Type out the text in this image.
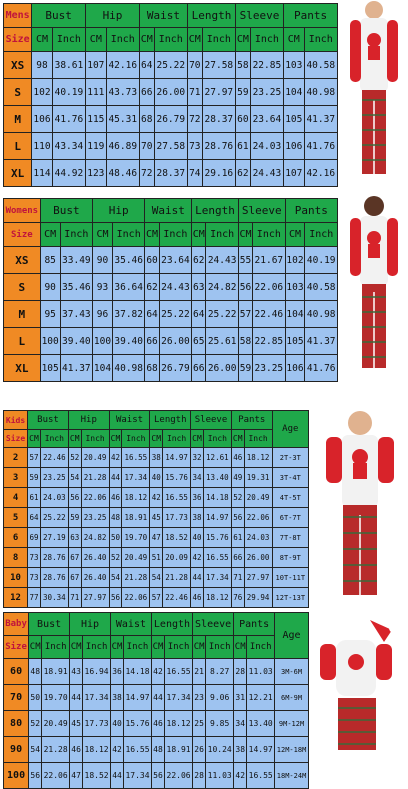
Mens	Bust		Hip		Waist		Length		Sleeve		Pants	
Size	CM	Inch	CM	Inch	CM	Inch	CM	Inch	CM	Inch	CM	Inch
XS	98	38.61	107	42.16	64	25.22	70	27.58	58	22.85	103	40.58
S	102	40.19	111	43.73	66	26.00	71	27.97	59	23.25	104	40.98
M	106	41.76	115	45.31	68	26.79	72	28.37	60	23.64	105	41.37
L	110	43.34	119	46.89	70	27.58	73	28.76	61	24.03	106	41.76
XL	114	44.92	123	48.46	72	28.37	74	29.16	62	24.43	107	42.16
Womens	Bust		Hip		Waist		Length		Sleeve		Pants	
Size	CM	Inch	CM	Inch	CM	Inch	CM	Inch	CM	Inch	CM	Inch
XS	85	33.49	90	35.46	60	23.64	62	24.43	55	21.67	102	40.19
S	90	35.46	93	36.64	62	24.43	63	24.82	56	22.06	103	40.58
M	95	37.43	96	37.82	64	25.22	64	25.22	57	22.46	104	40.98
L	100	39.40	100	39.40	66	26.00	65	25.61	58	22.85	105	41.37
XL	105	41.37	104	40.98	68	26.79	66	26.00	59	23.25	106	41.76
Kids	Bust		Hip		Waist		Length		Sleeve		Pants		Age
Size	CM	Inch	CM	Inch	CM	Inch	CM	Inch	CM	Inch	CM	Inch	
2	57	22.46	52	20.49	42	16.55	38	14.97	32	12.61	46	18.12	2T-3T
3	59	23.25	54	21.28	44	17.34	40	15.76	34	13.40	49	19.31	3T-4T
4	61	24.03	56	22.06	46	18.12	42	16.55	36	14.18	52	20.49	4T-5T
5	64	25.22	59	23.25	48	18.91	45	17.73	38	14.97	56	22.06	6T-7T
6	69	27.19	63	24.82	50	19.70	47	18.52	40	15.76	61	24.03	7T-8T
8	73	28.76	67	26.40	52	20.49	51	20.09	42	16.55	66	26.00	8T-9T
10	73	28.76	67	26.40	54	21.28	54	21.28	44	17.34	71	27.97	10T-11T
12	77	30.34	71	27.97	56	22.06	57	22.46	46	18.12	76	29.94	12T-13T
Baby	Bust		Hip		Waist		Length		Sleeve		Pants		Age
Size	CM	Inch	CM	Inch	CM	Inch	CM	Inch	CM	Inch	CM	Inch	
60	48	18.91	43	16.94	36	14.18	42	16.55	21	8.27	28	11.03	3M-6M
70	50	19.70	44	17.34	38	14.97	44	17.34	23	9.06	31	12.21	6M-9M
80	52	20.49	45	17.73	40	15.76	46	18.12	25	9.85	34	13.40	9M-12M
90	54	21.28	46	18.12	42	16.55	48	18.91	26	10.24	38	14.97	12M-18M
100	56	22.06	47	18.52	44	17.34	56	22.06	28	11.03	42	16.55	18M-24M
